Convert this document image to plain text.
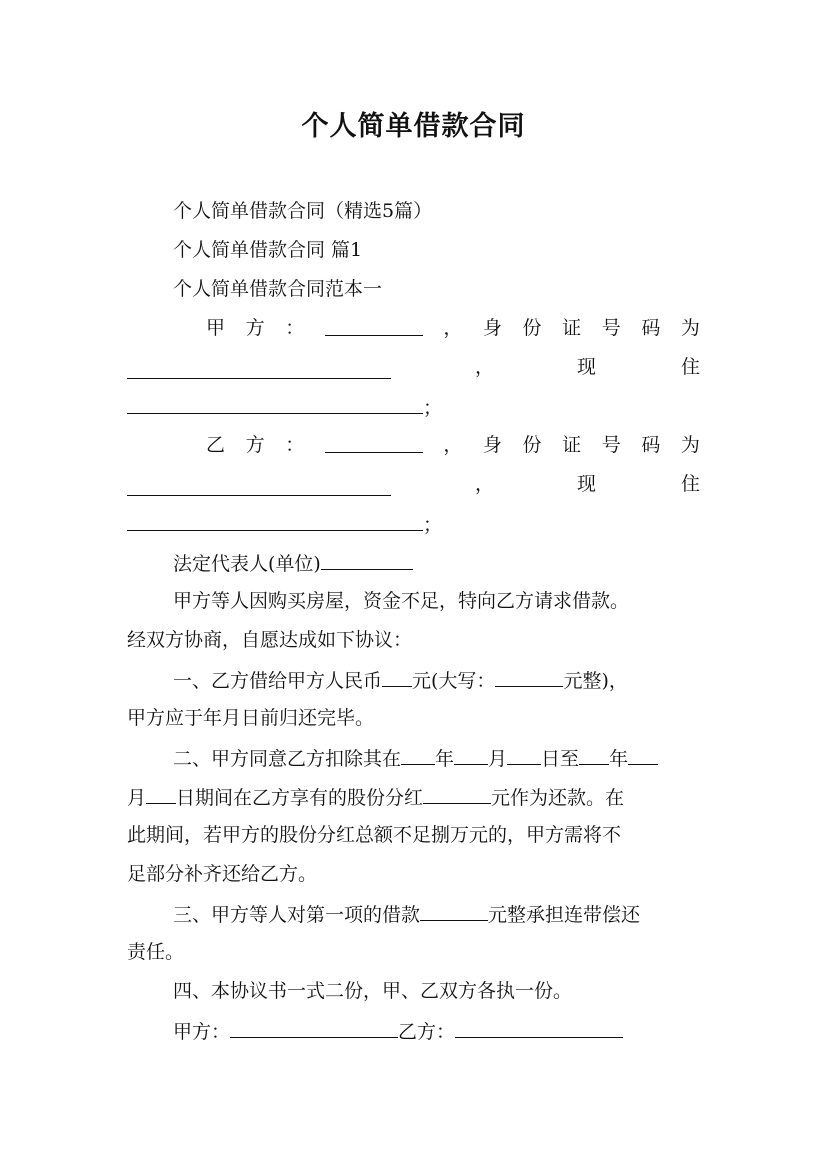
个人简单借款合同
个人简单借款合同（精选5篇）
个人简单借款合同 篇1
个人简单借款合同范本一
甲 方 ：	， 身 份 证 号 码 为
，	现	住
；
乙 方 ：	， 身 份 证 号 码 为
，	现	住
；
法定代表人(单位)
甲方等人因购买房屋，资金不足，特向乙方请求借款。
经双方协商，自愿达成如下协议：
一、乙方借给甲方人民币 元(大写：	元整)，
甲方应于年月日前归还完毕。
二、甲方同意乙方扣除其在 年 月 日至 年
月 日期间在乙方享有的股份分红	元作为还款。在
此期间，若甲方的股份分红总额不足捌万元的，甲方需将不
足部分补齐还给乙方。
三、甲方等人对第一项的借款	元整承担连带偿还
责任。
四、本协议书一式二份，甲、乙双方各执一份。
甲方：	乙方：
